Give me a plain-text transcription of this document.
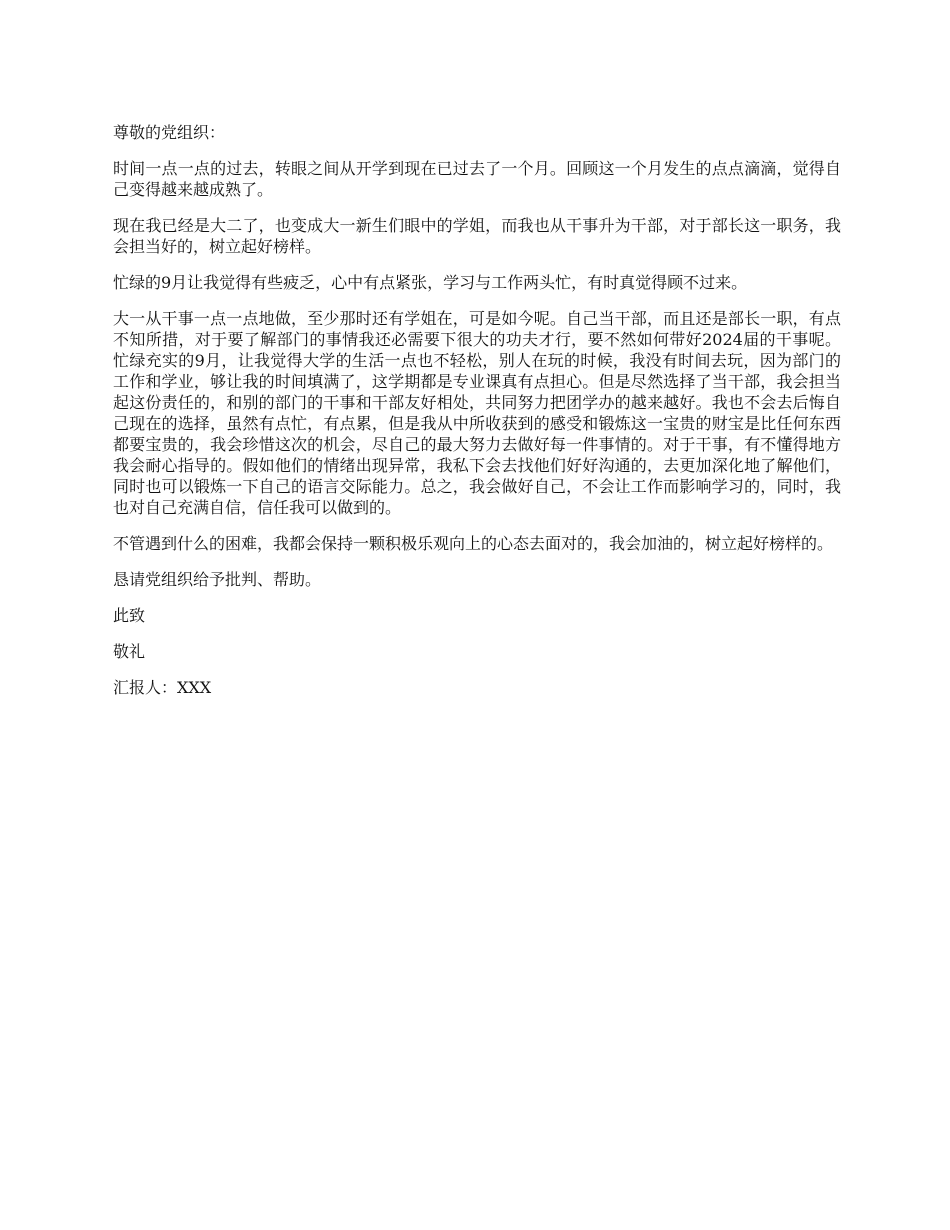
尊敬的党组织：

时间一点一点的过去，转眼之间从开学到现在已过去了一个月。回顾这一个月发生的点点滴滴，觉得自己变得越来越成熟了。

现在我已经是大二了，也变成大一新生们眼中的学姐，而我也从干事升为干部，对于部长这一职务，我会担当好的，树立起好榜样。

忙绿的9月让我觉得有些疲乏，心中有点紧张，学习与工作两头忙，有时真觉得顾不过来。

大一从干事一点一点地做，至少那时还有学姐在，可是如今呢。自己当干部，而且还是部长一职，有点不知所措，对于要了解部门的事情我还必需要下很大的功夫才行，要不然如何带好2024届的干事呢。忙绿充实的9月，让我觉得大学的生活一点也不轻松，别人在玩的时候，我没有时间去玩，因为部门的工作和学业，够让我的时间填满了，这学期都是专业课真有点担心。但是尽然选择了当干部，我会担当起这份责任的，和别的部门的干事和干部友好相处，共同努力把团学办的越来越好。我也不会去后悔自己现在的选择，虽然有点忙，有点累，但是我从中所收获到的感受和锻炼这一宝贵的财宝是比任何东西都要宝贵的，我会珍惜这次的机会，尽自己的最大努力去做好每一件事情的。对于干事，有不懂得地方我会耐心指导的。假如他们的情绪出现异常，我私下会去找他们好好沟通的，去更加深化地了解他们，同时也可以锻炼一下自己的语言交际能力。总之，我会做好自己，不会让工作而影响学习的，同时，我也对自己充满自信，信任我可以做到的。

不管遇到什么的困难，我都会保持一颗积极乐观向上的心态去面对的，我会加油的，树立起好榜样的。

恳请党组织给予批判、帮助。

此致

敬礼

汇报人：XXX
